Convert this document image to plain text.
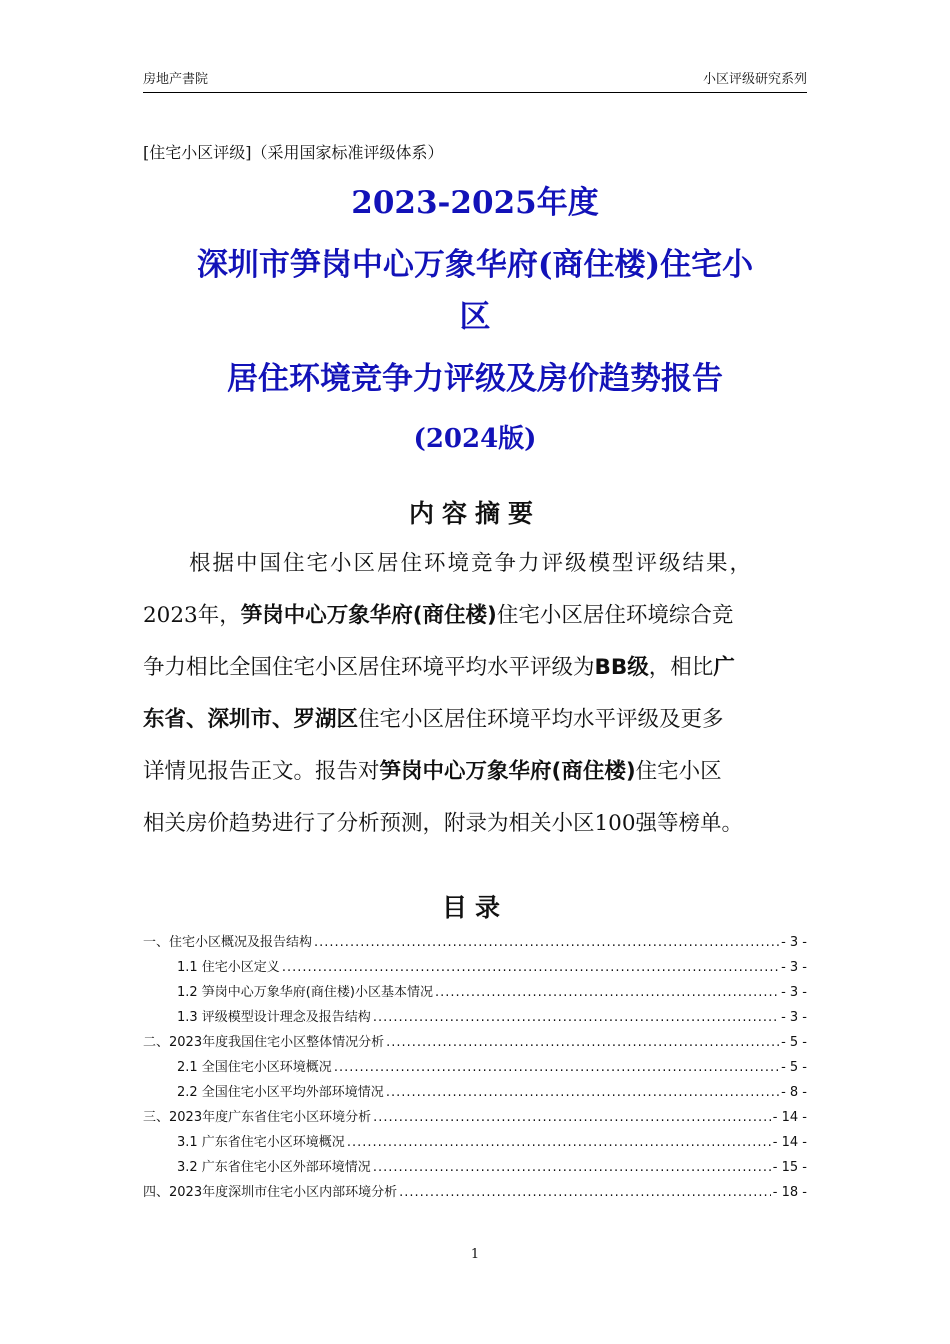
房地产書院	小区评级研究系列
[住宅小区评级]（采用国家标准评级体系）
2023-2025年度
深圳市笋岗中心万象华府(商住楼)住宅小
区
居住环境竞争力评级及房价趋势报告
(2024版)
内容摘要
根据中国住宅小区居住环境竞争力评级模型评级结果，
2023年，笋岗中心万象华府(商住楼)住宅小区居住环境综合竞
争力相比全国住宅小区居住环境平均水平评级为BB级，相比广
东省、深圳市、罗湖区住宅小区居住环境平均水平评级及更多
详情见报告正文。报告对笋岗中心万象华府(商住楼)住宅小区
相关房价趋势进行了分析预测，附录为相关小区100强等榜单。
目录
一、住宅小区概况及报告结构 .....	- 3 -
1.1 住宅小区定义 .....	- 3 -
1.2 笋岗中心万象华府(商住楼)小区基本情况 .....	- 3 -
1.3 评级模型设计理念及报告结构 .....	- 3 -
二、2023年度我国住宅小区整体情况分析 .....	- 5 -
2.1 全国住宅小区环境概况 .....	- 5 -
2.2 全国住宅小区平均外部环境情况 .....	- 8 -
三、2023年度广东省住宅小区环境分析 .....	- 14 -
3.1 广东省住宅小区环境概况 .....	- 14 -
3.2 广东省住宅小区外部环境情况 .....	- 15 -
四、2023年度深圳市住宅小区内部环境分析 .....	- 18 -
1
